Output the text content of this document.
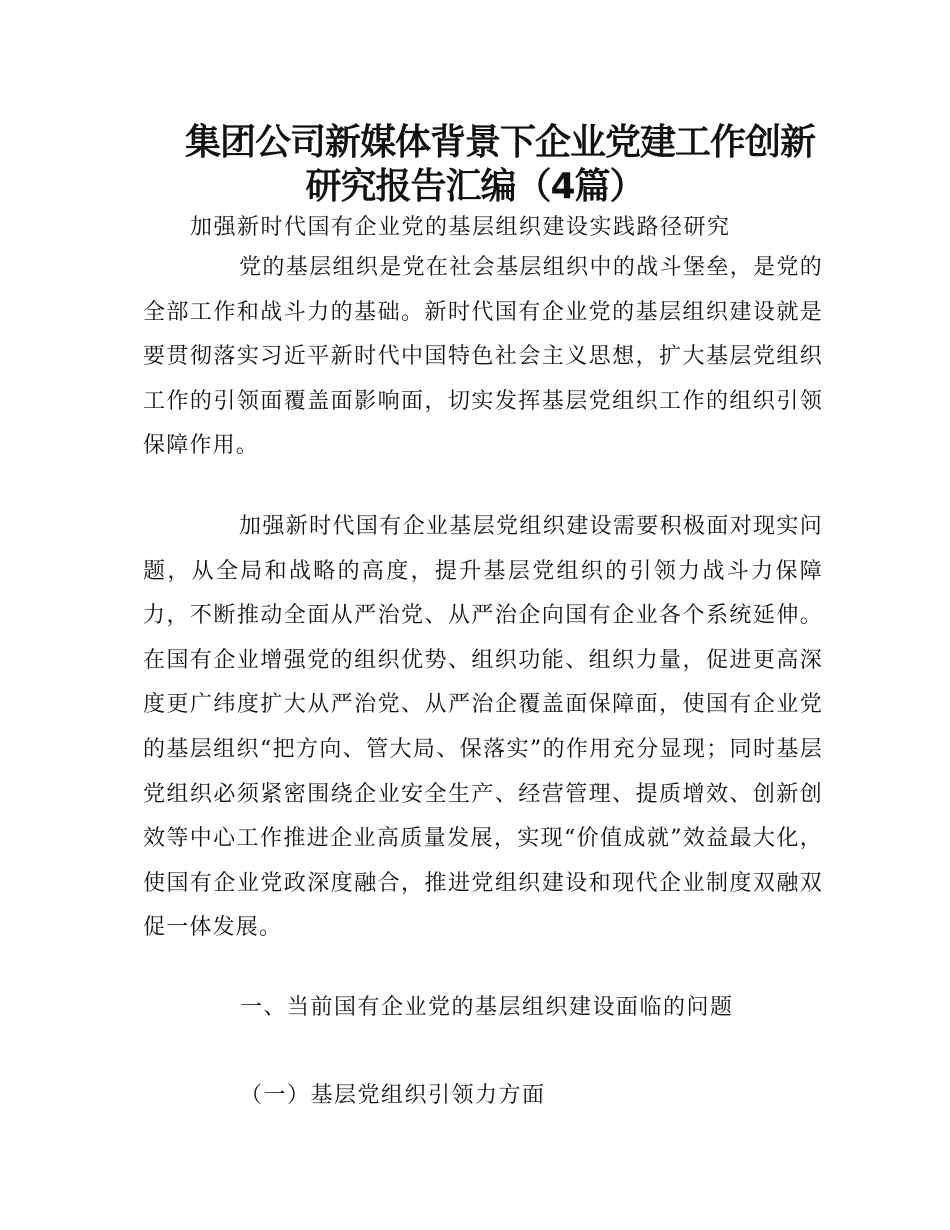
集团公司新媒体背景下企业党建工作创新
研究报告汇编（4篇）
加强新时代国有企业党的基层组织建设实践路径研究

党的基层组织是党在社会基层组织中的战斗堡垒，是党的全部工作和战斗力的基础。新时代国有企业党的基层组织建设就是要贯彻落实习近平新时代中国特色社会主义思想，扩大基层党组织工作的引领面覆盖面影响面，切实发挥基层党组织工作的组织引领保障作用。

加强新时代国有企业基层党组织建设需要积极面对现实问题，从全局和战略的高度，提升基层党组织的引领力战斗力保障力，不断推动全面从严治党、从严治企向国有企业各个系统延伸。在国有企业增强党的组织优势、组织功能、组织力量，促进更高深度更广纬度扩大从严治党、从严治企覆盖面保障面，使国有企业党的基层组织“把方向、管大局、保落实”的作用充分显现；同时基层党组织必须紧密围绕企业安全生产、经营管理、提质增效、创新创效等中心工作推进企业高质量发展，实现“价值成就”效益最大化，使国有企业党政深度融合，推进党组织建设和现代企业制度双融双促一体发展。

一、当前国有企业党的基层组织建设面临的问题

（一）基层党组织引领力方面
